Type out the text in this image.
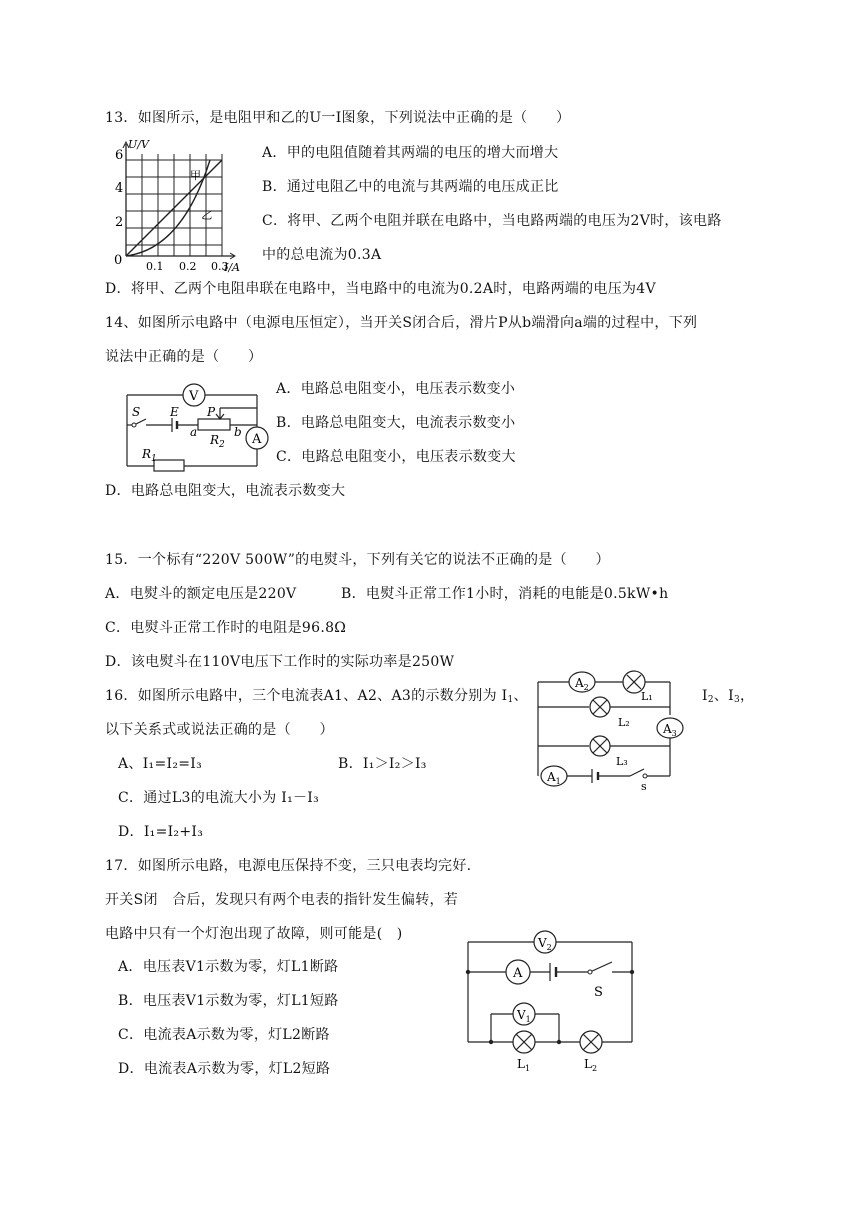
13．如图所示，是电阻甲和乙的U一I图象，下列说法中正确的是（　　）
U/V
I/A
0
2
4
6
0.1 0.2 0.3
甲
乙
A．甲的电阻值随着其两端的电压的增大而增大
B．通过电阻乙中的电流与其两端的电压成正比
C．将甲、乙两个电阻并联在电路中，当电路两端的电压为2V时，该电路
中的总电流为0.3A
D．将甲、乙两个电阻串联在电路中，当电路中的电流为0.2A时，电路两端的电压为4V
14、如图所示电路中（电源电压恒定），当开关S闭合后，滑片P从b端滑向a端的过程中，下列
说法中正确的是（　　）
V
S E P
a	b
$R_2$ A
$R_1$
A．电路总电阻变小，电压表示数变小
B．电路总电阻变大，电流表示数变小
C．电路总电阻变小，电压表示数变大
D．电路总电阻变大，电流表示数变大
15．一个标有“220V 500W”的电熨斗，下列有关它的说法不正确的是（　　）
A．电熨斗的额定电压是220V	B．电熨斗正常工作1小时，消耗的电能是0.5kW•h
C．电熨斗正常工作时的电阻是96.8Ω
D．该电熨斗在110V电压下工作时的实际功率是250W
16．如图所示电路中，三个电流表A1、A2、A3的示数分别为 $I_1$、	$I_2$、$I_3$，
以下关系式或说法正确的是（　　）
$A_2$
L₁
L₂	$A_3$
L₃
$A_1$	s
A、I₁=I₂=I₃	B．I₁＞I₂＞I₃
C．通过L3的电流大小为 I₁－I₃
D．I₁=I₂+I₃
17．如图所示电路，电源电压保持不变，三只电表均完好.
开关S闭　合后，发现只有两个电表的指针发生偏转，若
电路中只有一个灯泡出现了故障，则可能是(　)
$V_2$
A
S
$V_1$
$L_1$	$L_2$
A．电压表V1示数为零，灯L1断路
B．电压表V1示数为零，灯L1短路
C．电流表A示数为零，灯L2断路
D．电流表A示数为零，灯L2短路
